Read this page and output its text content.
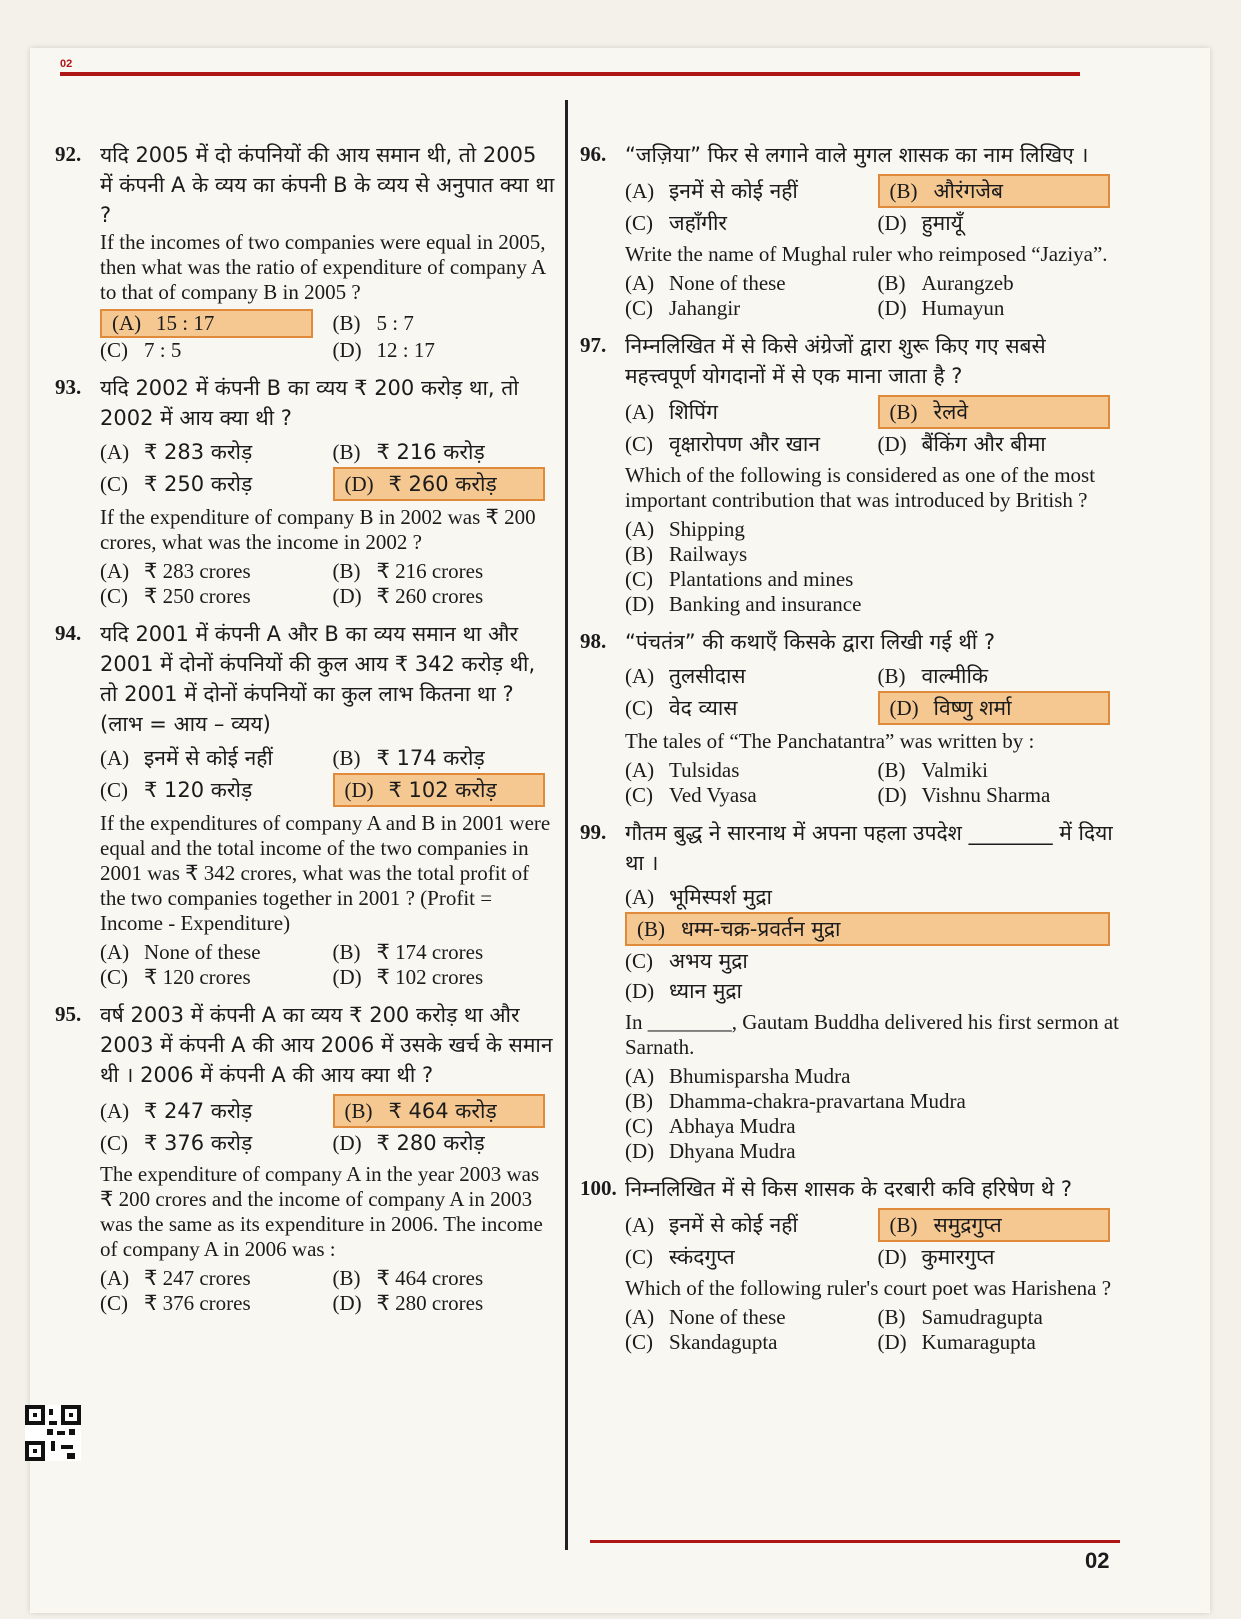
02
02
92. यदि 2005 में दो कंपनियों की आय समान थी, तो 2005 में कंपनी A के व्यय का कंपनी B के व्यय से अनुपात क्या था ?
If the incomes of two companies were equal in 2005, then what was the ratio of expenditure of company A to that of company B in 2005 ?
(A) 15 : 17	(B) 5 : 7
(C) 7 : 5	(D) 12 : 17
93. यदि 2002 में कंपनी B का व्यय ₹ 200 करोड़ था, तो 2002 में आय क्या थी ?
(A) ₹ 283 करोड़	(B) ₹ 216 करोड़
(C) ₹ 250 करोड़	(D) ₹ 260 करोड़
If the expenditure of company B in 2002 was ₹ 200 crores, what was the income in 2002 ?
(A) ₹ 283 crores	(B) ₹ 216 crores
(C) ₹ 250 crores	(D) ₹ 260 crores
94. यदि 2001 में कंपनी A और B का व्यय समान था और 2001 में दोनों कंपनियों की कुल आय ₹ 342 करोड़ थी, तो 2001 में दोनों कंपनियों का कुल लाभ कितना था ? (लाभ = आय – व्यय)
(A) इनमें से कोई नहीं	(B) ₹ 174 करोड़
(C) ₹ 120 करोड़	(D) ₹ 102 करोड़
If the expenditures of company A and B in 2001 were equal and the total income of the two companies in 2001 was ₹ 342 crores, what was the total profit of the two companies together in 2001 ? (Profit = Income - Expenditure)
(A) None of these	(B) ₹ 174 crores
(C) ₹ 120 crores	(D) ₹ 102 crores
95. वर्ष 2003 में कंपनी A का व्यय ₹ 200 करोड़ था और 2003 में कंपनी A की आय 2006 में उसके खर्च के समान थी । 2006 में कंपनी A की आय क्या थी ?
(A) ₹ 247 करोड़	(B) ₹ 464 करोड़
(C) ₹ 376 करोड़	(D) ₹ 280 करोड़
The expenditure of company A in the year 2003 was ₹ 200 crores and the income of company A in 2003 was the same as its expenditure in 2006. The income of company A in 2006 was :
(A) ₹ 247 crores	(B) ₹ 464 crores
(C) ₹ 376 crores	(D) ₹ 280 crores
96. “जज़िया” फिर से लगाने वाले मुगल शासक का नाम लिखिए ।
(A) इनमें से कोई नहीं	(B) औरंगजेब
(C) जहाँगीर	(D) हुमायूँ
Write the name of Mughal ruler who reimposed “Jaziya”.
(A) None of these	(B) Aurangzeb
(C) Jahangir	(D) Humayun
97. निम्नलिखित में से किसे अंग्रेजों द्वारा शुरू किए गए सबसे महत्त्वपूर्ण योगदानों में से एक माना जाता है ?
(A) शिपिंग	(B) रेलवे
(C) वृक्षारोपण और खान	(D) बैंकिंग और बीमा
Which of the following is considered as one of the most important contribution that was introduced by British ?
(A) Shipping
(B) Railways
(C) Plantations and mines
(D) Banking and insurance
98. “पंचतंत्र” की कथाएँ किसके द्वारा लिखी गई थीं ?
(A) तुलसीदास	(B) वाल्मीकि
(C) वेद व्यास	(D) विष्णु शर्मा
The tales of “The Panchatantra” was written by :
(A) Tulsidas	(B) Valmiki
(C) Ved Vyasa	(D) Vishnu Sharma
99. गौतम बुद्ध ने सारनाथ में अपना पहला उपदेश ________ में दिया था ।
(A) भूमिस्पर्श मुद्रा
(B) धम्म-चक्र-प्रवर्तन मुद्रा
(C) अभय मुद्रा
(D) ध्यान मुद्रा
In ________, Gautam Buddha delivered his first sermon at Sarnath.
(A) Bhumisparsha Mudra
(B) Dhamma-chakra-pravartana Mudra
(C) Abhaya Mudra
(D) Dhyana Mudra
100. निम्नलिखित में से किस शासक के दरबारी कवि हरिषेण थे ?
(A) इनमें से कोई नहीं	(B) समुद्रगुप्त
(C) स्कंदगुप्त	(D) कुमारगुप्त
Which of the following ruler's court poet was Harishena ?
(A) None of these	(B) Samudragupta
(C) Skandagupta	(D) Kumaragupta
